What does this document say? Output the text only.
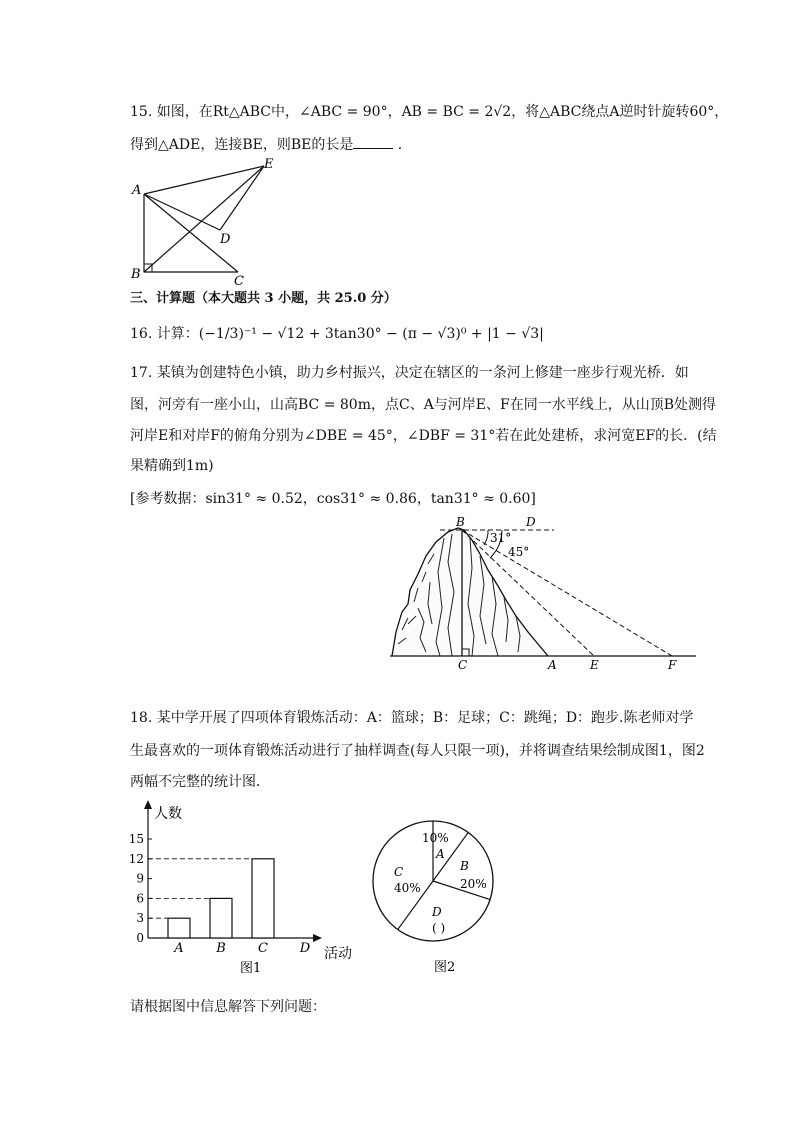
15. 如图，在Rt△ABC中，∠ABC = 90°，AB = BC = 2√2，将△ABC绕点A逆时针旋转60°，
得到△ADE，连接BE，则BE的长是	.
A
B	C
D
E
三、计算题（本大题共 3 小题，共 25.0 分）
16. 计算：(−1/3)⁻¹ − √12 + 3tan30° − (π − √3)⁰ + |1 − √3|
17. 某镇为创建特色小镇，助力乡村振兴，决定在辖区的一条河上修建一座步行观光桥．如
图，河旁有一座小山，山高BC = 80m，点C、A与河岸E、F在同一水平线上，从山顶B处测得
河岸E和对岸F的俯角分别为∠DBE = 45°，∠DBF = 31°若在此处建桥，求河宽EF的长．(结
果精确到1m)
[参考数据：sin31° ≈ 0.52，cos31° ≈ 0.86，tan31° ≈ 0.60]
B	D
31°
45°
C	A	E	F
18. 某中学开展了四项体育锻炼活动：A：篮球；B：足球；C：跳绳；D：跑步.陈老师对学
生最喜欢的一项体育锻炼活动进行了抽样调查(每人只限一项)，并将调查结果绘制成图1，图2
两幅不完整的统计图．
人数
活动
0
3
6
9
12
15
A	B C D
图1
10%
A
B
20%
C
40%
D
( )
图2
请根据图中信息解答下列问题：
